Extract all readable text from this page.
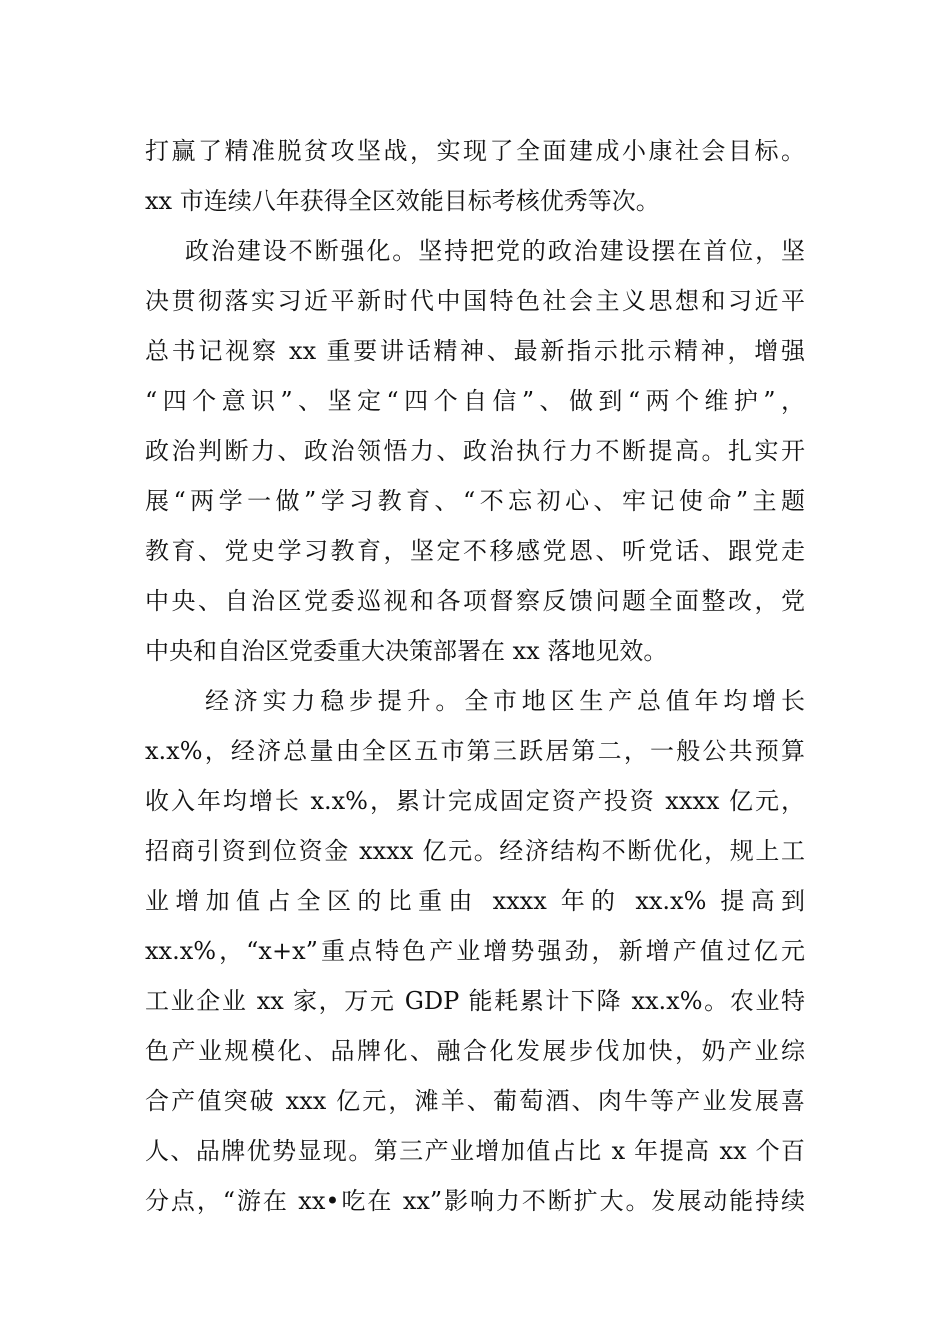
打赢了精准脱贫攻坚战，实现了全面建成小康社会目标。
xx 市连续八年获得全区效能目标考核优秀等次。
政治建设不断强化。坚持把党的政治建设摆在首位，坚
决贯彻落实习近平新时代中国特色社会主义思想和习近平
总书记视察 xx 重要讲话精神、最新指示批示精神，增强
“四个意识”、坚定“四个自信”、做到“两个维护”，
政治判断力、政治领悟力、政治执行力不断提高。扎实开
展“两学一做”学习教育、“不忘初心、牢记使命”主题
教育、党史学习教育，坚定不移感党恩、听党话、跟党走
中央、自治区党委巡视和各项督察反馈问题全面整改，党
中央和自治区党委重大决策部署在 xx 落地见效。
经济实力稳步提升。全市地区生产总值年均增长
x.x%，经济总量由全区五市第三跃居第二，一般公共预算
收入年均增长 x.x%，累计完成固定资产投资 xxxx 亿元，
招商引资到位资金 xxxx 亿元。经济结构不断优化，规上工
业增加值占全区的比重由 xxxx 年的 xx.x% 提高到
xx.x%，“x+x”重点特色产业增势强劲，新增产值过亿元
工业企业 xx 家，万元 GDP 能耗累计下降 xx.x%。农业特
色产业规模化、品牌化、融合化发展步伐加快，奶产业综
合产值突破 xxx 亿元，滩羊、葡萄酒、肉牛等产业发展喜
人、品牌优势显现。第三产业增加值占比 x 年提高 xx 个百
分点，“游在 xx•吃在 xx”影响力不断扩大。发展动能持续
